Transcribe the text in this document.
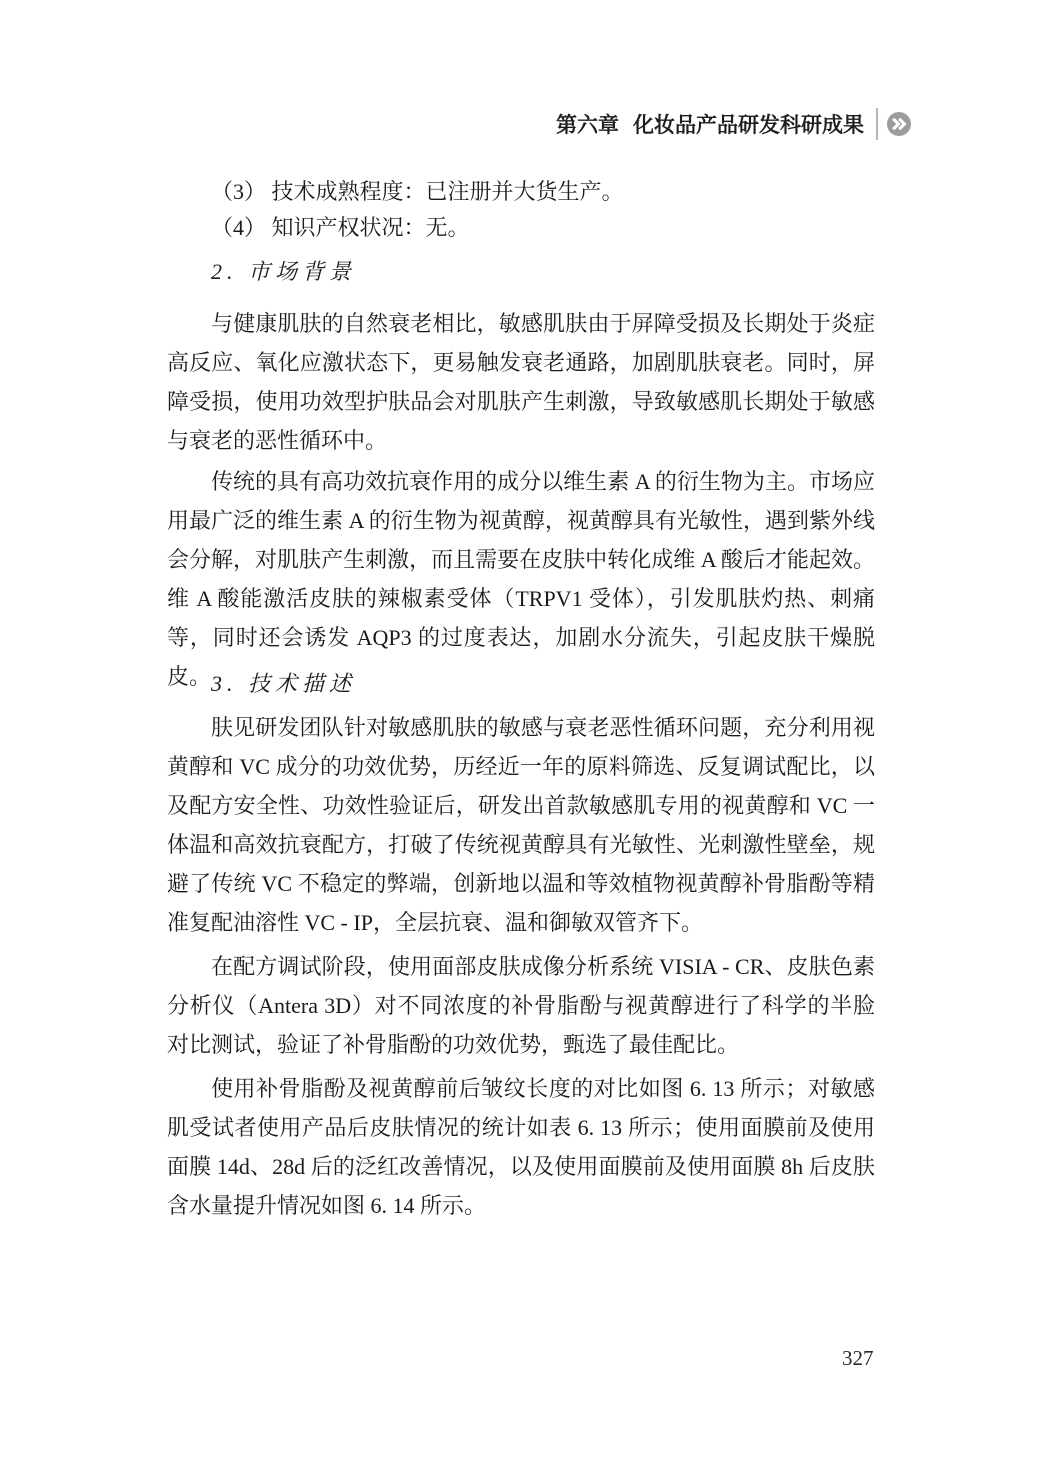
第六章 化妆品产品研发科研成果
（3） 技术成熟程度：已注册并大货生产。
（4） 知识产权状况：无。
2. 市场背景

与健康肌肤的自然衰老相比，敏感肌肤由于屏障受损及长期处于炎症高反应、氧化应激状态下，更易触发衰老通路，加剧肌肤衰老。同时，屏障受损，使用功效型护肤品会对肌肤产生刺激，导致敏感肌长期处于敏感与衰老的恶性循环中。

传统的具有高功效抗衰作用的成分以维生素 A 的衍生物为主。市场应用最广泛的维生素 A 的衍生物为视黄醇，视黄醇具有光敏性，遇到紫外线会分解，对肌肤产生刺激，而且需要在皮肤中转化成维 A 酸后才能起效。维 A 酸能激活皮肤的辣椒素受体（TRPV1 受体），引发肌肤灼热、刺痛等，同时还会诱发 AQP3 的过度表达，加剧水分流失，引起皮肤干燥脱皮。 3. 技术描述

肤见研发团队针对敏感肌肤的敏感与衰老恶性循环问题，充分利用视黄醇和 VC 成分的功效优势，历经近一年的原料筛选、反复调试配比，以及配方安全性、功效性验证后，研发出首款敏感肌专用的视黄醇和 VC 一体温和高效抗衰配方，打破了传统视黄醇具有光敏性、光刺激性壁垒，规避了传统 VC 不稳定的弊端，创新地以温和等效植物视黄醇补骨脂酚等精准复配油溶性 VC - IP，全层抗衰、温和御敏双管齐下。

在配方调试阶段，使用面部皮肤成像分析系统 VISIA - CR、皮肤色素分析仪（Antera 3D）对不同浓度的补骨脂酚与视黄醇进行了科学的半脸对比测试，验证了补骨脂酚的功效优势，甄选了最佳配比。

使用补骨脂酚及视黄醇前后皱纹长度的对比如图 6. 13 所示；对敏感肌受试者使用产品后皮肤情况的统计如表 6. 13 所示；使用面膜前及使用面膜 14d、28d 后的泛红改善情况，以及使用面膜前及使用面膜 8h 后皮肤含水量提升情况如图 6. 14 所示。

327
